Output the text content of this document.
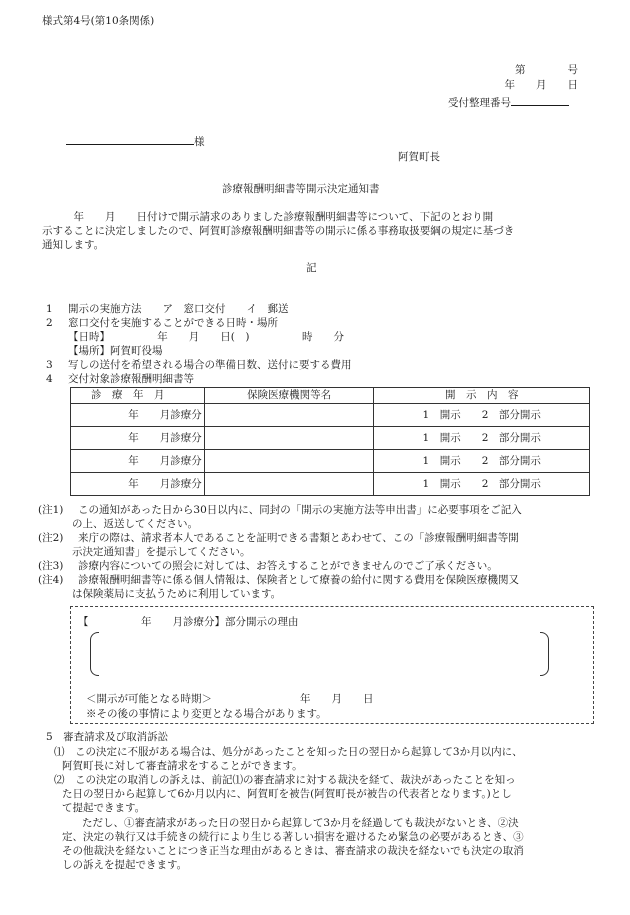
様式第4号(第10条関係)
第　　　　号
年　　月　　日
受付整理番号
様
阿賀町長
診療報酬明細書等開示決定通知書
　　　年　　月　　日付けで開示請求のありました診療報酬明細書等について、下記のとおり開
示することに決定しましたので、阿賀町診療報酬明細書等の開示に係る事務取扱要綱の規定に基づき
通知します。
記
1 開示の実施方法　　ア　窓口交付　　イ　郵送
2 窓口交付を実施することができる日時・場所
【日時】　　　　　年　　月　　日(　)　　　　　時　　分
【場所】阿賀町役場
3 写しの送付を希望される場合の準備日数、送付に要する費用
4 交付対象診療報酬明細書等
診　療　年　月	保険医療機関等名	開　示　内　容
年　　月診療分		1　開示　　2　部分開示
年　　月診療分		1　開示　　2　部分開示
年　　月診療分		1　開示　　2　部分開示
年　　月診療分		1　開示　　2　部分開示
(注1) この通知があった日から30日以内に、同封の「開示の実施方法等申出書」に必要事項をご記入
の上、返送してください。
(注2) 来庁の際は、請求者本人であることを証明できる書類とあわせて、この「診療報酬明細書等開
示決定通知書」を提示してください。
(注3) 診療内容についての照会に対しては、お答えすることができませんのでご了承ください。
(注4) 診療報酬明細書等に係る個人情報は、保険者として療養の給付に関する費用を保険医療機関又
は保険薬局に支払うために利用しています。
【　　　　　年　　月診療分】部分開示の理由
＜開示が可能となる時期＞	年　　月　　日
※その後の事情により変更となる場合があります。
5　審査請求及び取消訴訟
⑴　この決定に不服がある場合は、処分があったことを知った日の翌日から起算して3か月以内に、
阿賀町長に対して審査請求をすることができます。
⑵　この決定の取消しの訴えは、前記⑴の審査請求に対する裁決を経て、裁決があったことを知っ
た日の翌日から起算して6か月以内に、阿賀町を被告(阿賀町長が被告の代表者となります。)とし
て提起できます。
ただし、①審査請求があった日の翌日から起算して3か月を経過しても裁決がないとき、②決
定、決定の執行又は手続きの続行により生じる著しい損害を避けるため緊急の必要があるとき、③
その他裁決を経ないことにつき正当な理由があるときは、審査請求の裁決を経ないでも決定の取消
しの訴えを提起できます。
